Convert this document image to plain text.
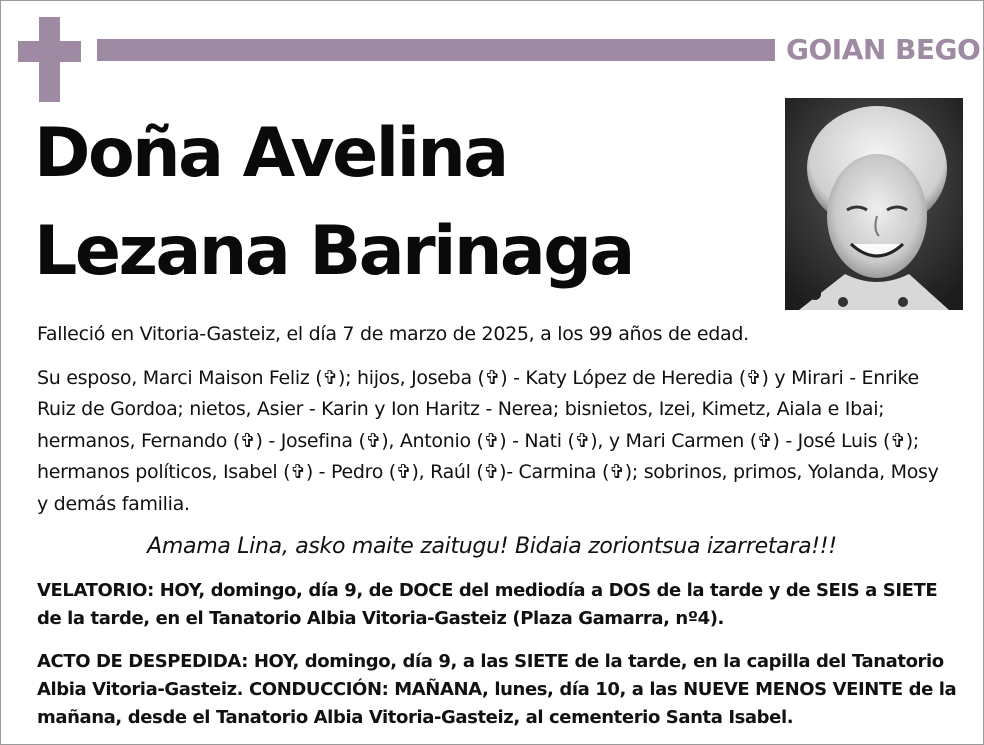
GOIAN BEGO
Doña Avelina
Lezana Barinaga
Falleció en Vitoria-Gasteiz, el día 7 de marzo de 2025, a los 99 años de edad.
Su esposo, Marci Maison Feliz (✞); hijos, Joseba (✞) - Katy López de Heredia (✞) y Mirari - Enrike Ruiz de Gordoa; nietos, Asier - Karin y Ion Haritz - Nerea; bisnietos, Izei, Kimetz, Aiala e Ibai; hermanos, Fernando (✞) - Josefina (✞), Antonio (✞) - Nati (✞), y Mari Carmen (✞) - José Luis (✞); hermanos políticos, Isabel (✞) - Pedro (✞), Raúl (✞)- Carmina (✞); sobrinos, primos, Yolanda, Mosy y demás familia.
Amama Lina, asko maite zaitugu! Bidaia zoriontsua izarretara!!!
VELATORIO: HOY, domingo, día 9, de DOCE del mediodía a DOS de la tarde y de SEIS a SIETE de la tarde, en el Tanatorio Albia Vitoria-Gasteiz (Plaza Gamarra, nº4).
ACTO DE DESPEDIDA: HOY, domingo, día 9, a las SIETE de la tarde, en la capilla del Tanatorio Albia Vitoria-Gasteiz. CONDUCCIÓN: MAÑANA, lunes, día 10, a las NUEVE MENOS VEINTE de la mañana, desde el Tanatorio Albia Vitoria-Gasteiz, al cementerio Santa Isabel.
